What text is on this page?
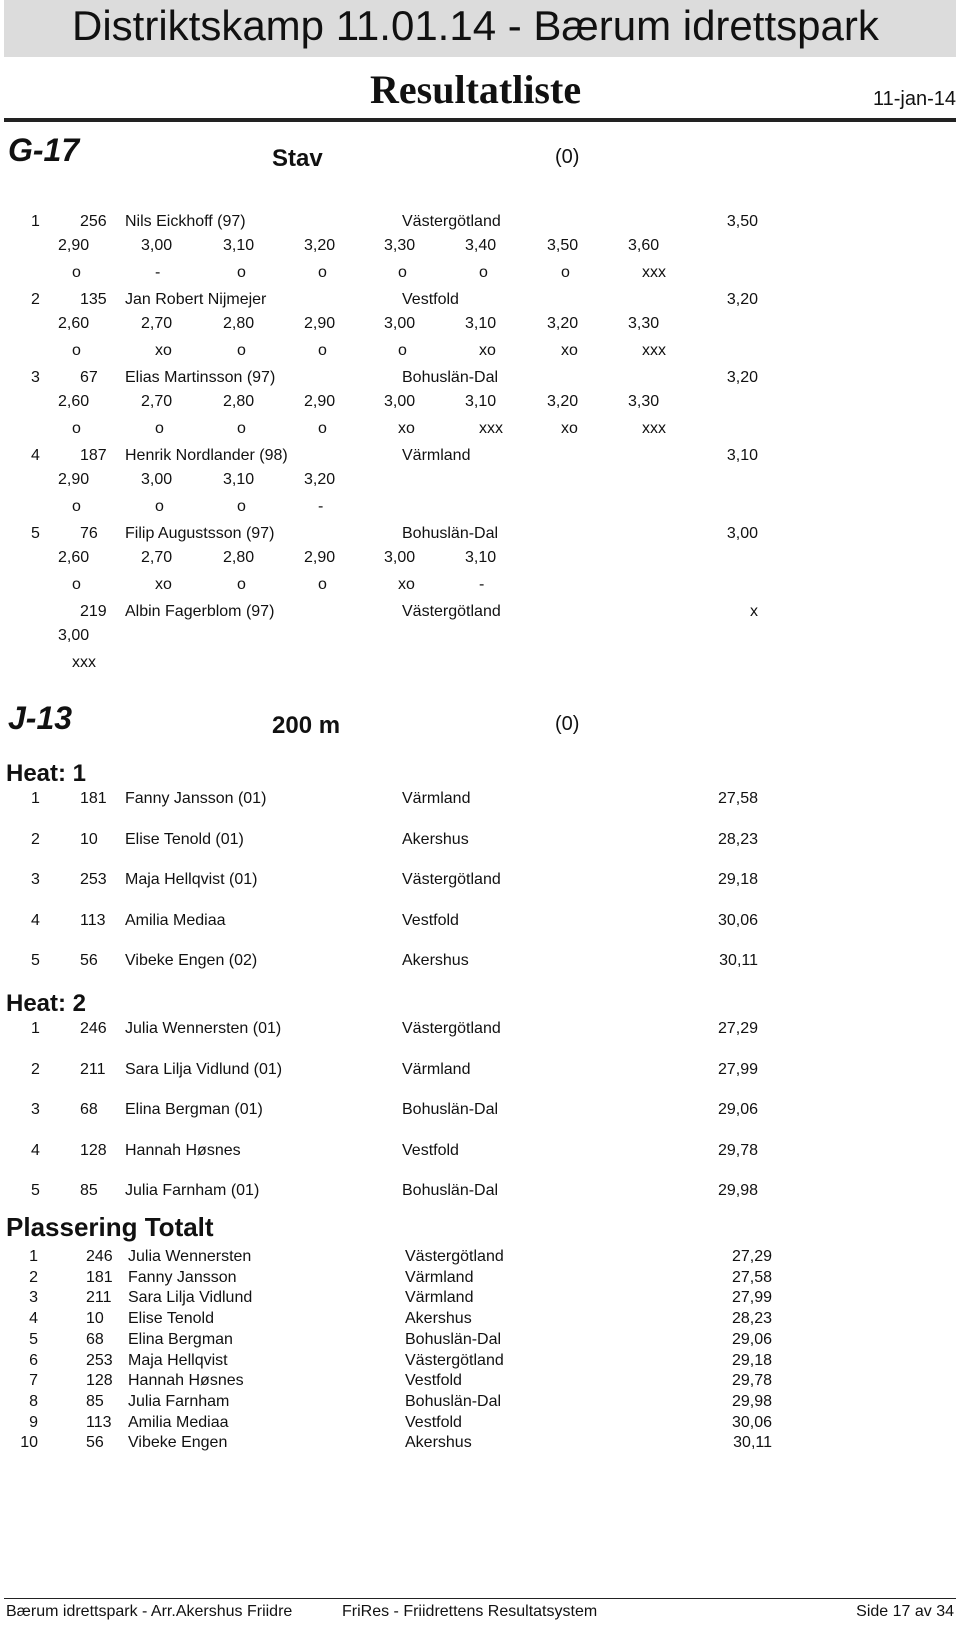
Distriktskamp 11.01.14 - Bærum idrettspark
Resultatliste	11-jan-14
G-17	Stav	(0)
1	256 Nils Eickhoff (97)	Västergötland	3,50
2,90	3,00	3,10	3,20	3,30	3,40	3,50	3,60
o	-	o	o	o	o	o	xxx
2	135 Jan Robert Nijmejer	Vestfold	3,20
2,60	2,70	2,80	2,90	3,00	3,10	3,20	3,30
o	xo	o	o	o	xo	xo	xxx
3	67 Elias Martinsson (97)	Bohuslän-Dal	3,20
2,60	2,70	2,80	2,90	3,00	3,10	3,20	3,30
o	o	o	o	xo	xxx	xo	xxx
4	187 Henrik Nordlander (98)	Värmland	3,10
2,90	3,00	3,10	3,20
o	o	o	-
5	76 Filip Augustsson (97)	Bohuslän-Dal	3,00
2,60	2,70	2,80	2,90	3,00	3,10
o	xo	o	o	xo	-
219 Albin Fagerblom (97)	Västergötland	x
3,00
xxx
J-13	200 m	(0)
Heat: 1
1	181 Fanny Jansson (01)	Värmland	27,58
2	10 Elise Tenold (01)	Akershus	28,23
3	253 Maja Hellqvist (01)	Västergötland	29,18
4	113 Amilia Mediaa	Vestfold	30,06
5	56 Vibeke Engen (02)	Akershus	30,11
Heat: 2
1	246 Julia Wennersten (01)	Västergötland	27,29
2	211 Sara Lilja Vidlund (01)	Värmland	27,99
3	68 Elina Bergman (01)	Bohuslän-Dal	29,06
4	128 Hannah Høsnes	Vestfold	29,78
5	85 Julia Farnham (01)	Bohuslän-Dal	29,98
Plassering Totalt
1	246 Julia Wennersten	Västergötland	27,29
2	181 Fanny Jansson	Värmland	27,58
3	211 Sara Lilja Vidlund	Värmland	27,99
4	10 Elise Tenold	Akershus	28,23
5	68 Elina Bergman	Bohuslän-Dal	29,06
6	253 Maja Hellqvist	Västergötland	29,18
7	128 Hannah Høsnes	Vestfold	29,78
8	85 Julia Farnham	Bohuslän-Dal	29,98
9	113 Amilia Mediaa	Vestfold	30,06
10	56 Vibeke Engen	Akershus	30,11
Bærum idrettspark - Arr.Akershus Friidre	FriRes - Friidrettens Resultatsystem	Side 17 av 34
